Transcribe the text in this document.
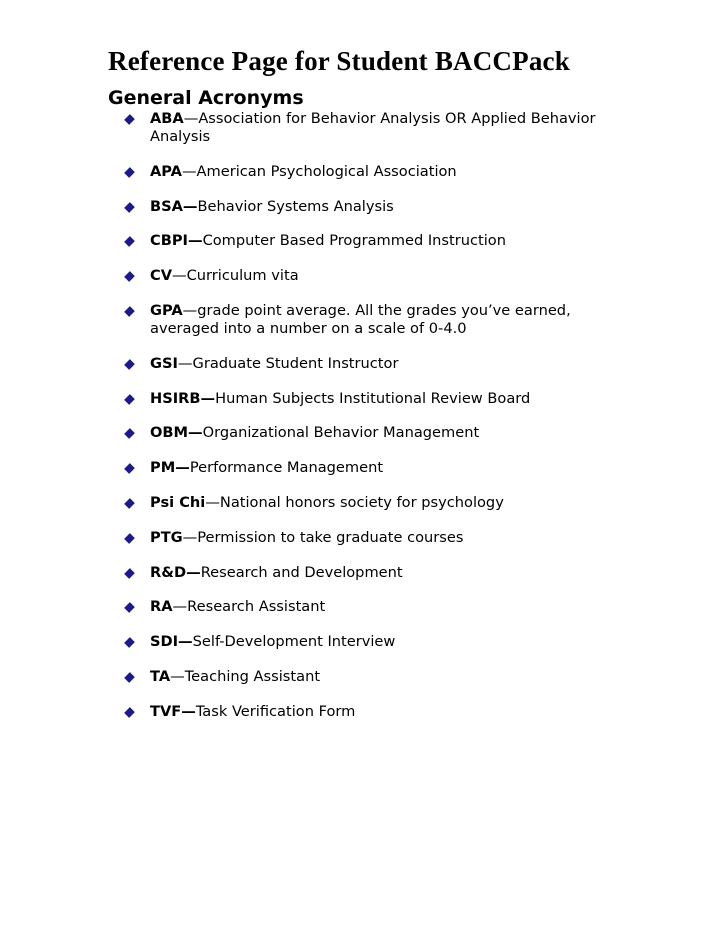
Reference Page for Student BACCPack
General Acronyms
ABA—Association for Behavior Analysis OR Applied Behavior Analysis
APA—American Psychological Association
BSA—Behavior Systems Analysis
CBPI—Computer Based Programmed Instruction
CV—Curriculum vita
GPA—grade point average. All the grades you’ve earned, averaged into a number on a scale of 0-4.0
GSI—Graduate Student Instructor
HSIRB—Human Subjects Institutional Review Board
OBM—Organizational Behavior Management
PM—Performance Management
Psi Chi—National honors society for psychology
PTG—Permission to take graduate courses
R&D—Research and Development
RA—Research Assistant
SDI—Self-Development Interview
TA—Teaching Assistant
TVF—Task Verification Form
